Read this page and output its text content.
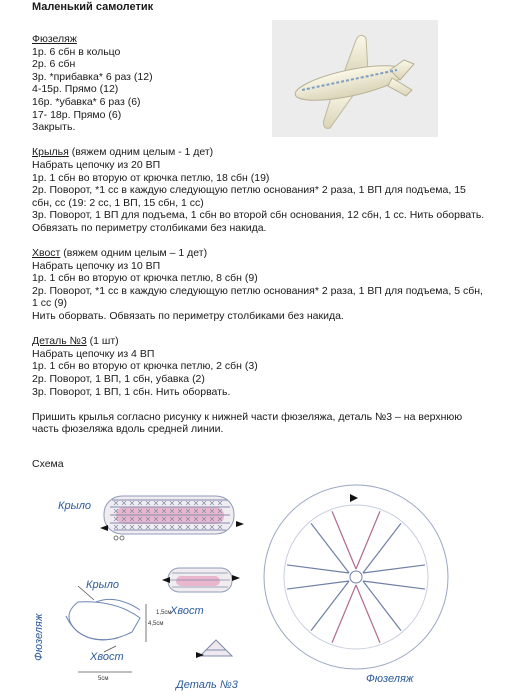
Маленький самолетик

Фюзеляж

1р. 6 сбн в кольцо

2р. 6 сбн

3р. *прибавка* 6 раз (12)

4-15р. Прямо (12)

16р. *убавка* 6 раз (6)

17- 18р. Прямо (6)

Закрыть.

Крылья (вяжем одним целым - 1 дет)

Набрать цепочку из 20 ВП

1р. 1 сбн во вторую от крючка петлю, 18 сбн (19)

2р. Поворот, *1 сс в каждую следующую петлю основания* 2 раза, 1 ВП для подъема, 15 сбн, сс (19: 2 сс, 1 ВП, 15 сбн, 1 сс)

3р. Поворот, 1 ВП для подъема, 1 сбн во второй сбн основания, 12 сбн, 1 сс. Нить оборвать.

Обвязать по периметру столбиками без накида.

Хвост (вяжем одним целым – 1 дет)

Набрать цепочку из 10 ВП

1р. 1 сбн во вторую от крючка петлю, 8 сбн (9)

2р. Поворот, *1 сс в каждую следующую петлю основания* 2 раза, 1 ВП для подъема, 5 сбн, 1 сс (9)

Нить оборвать. Обвязать по периметру столбиками без накида.

Деталь №3 (1 шт)

Набрать цепочку из 4 ВП

1р. 1 сбн во вторую от крючка петлю, 2 сбн (3)

2р. Поворот, 1 ВП, 1 сбн, убавка (2)

3р. Поворот, 1 ВП, 1 сбн. Нить оборвать.

Пришить крылья согласно рисунку к нижней части фюзеляжа, деталь №3 – на верхнюю часть фюзеляжа вдоль средней линии.

Схема
Крыло
Хвост
Крыло
Хвост
Фюзеляж	4,5см
5см
1,5см
Деталь №3	Фюзеляж
